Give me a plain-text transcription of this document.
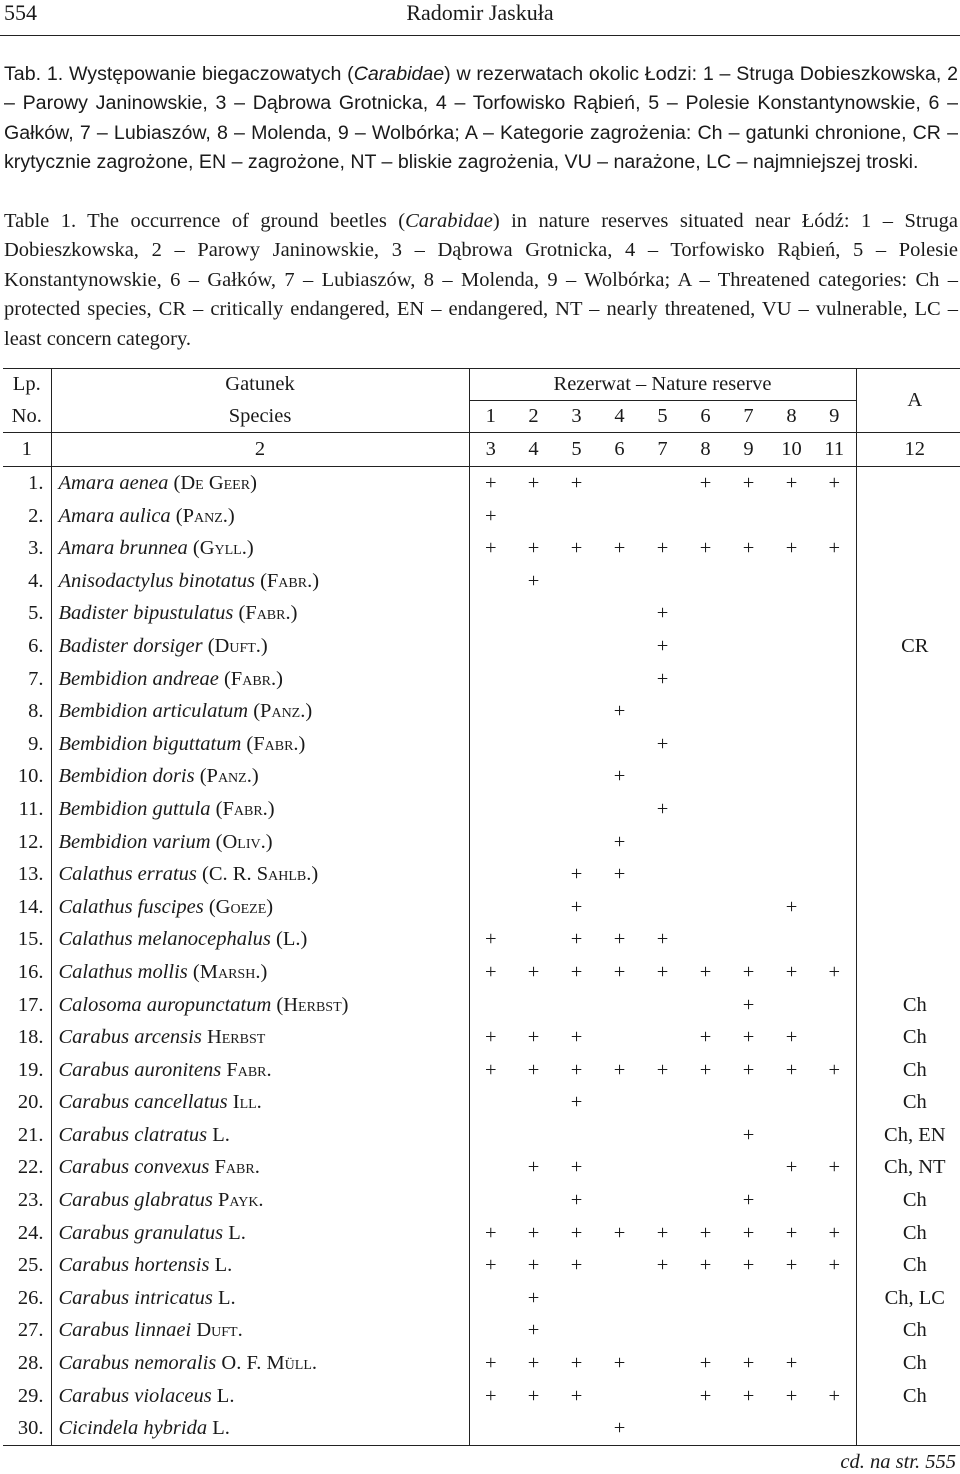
554	Radomir Jaskuła

Tab. 1. Występowanie biegaczowatych (Carabidae) w rezerwatach okolic Łodzi: 1 – Struga Dobieszkowska, 2 – Parowy Janinowskie, 3 – Dąbrowa Grotnicka, 4 – Torfowisko Rąbień, 5 – Polesie Konstantynowskie, 6 – Gałków, 7 – Lubiaszów, 8 – Molenda, 9 – Wolbórka; A – Kategorie zagrożenia: Ch – gatunki chronione, CR – krytycznie zagrożone, EN – zagrożone, NT – bliskie zagrożenia, VU – narażone, LC – najmniejszej troski.

Table 1. The occurrence of ground beetles (Carabidae) in nature reserves situated near Łódź: 1 – Struga Dobieszkowska, 2 – Parowy Janinowskie, 3 – Dąbrowa Grotnicka, 4 – Torfowisko Rąbień, 5 – Polesie Konstantynowskie, 6 – Gałków, 7 – Lubiaszów, 8 – Molenda, 9 – Wolbórka; A – Threatened categories: Ch – protected species, CR – critically endangered, EN – endangered, NT – nearly threatened, VU – vulnerable, LC – least concern category.

Lp.	Gatunek	Rezerwat – Nature reserve									A
No.	Species	1	2	3	4	5	6	7	8	9	
1	2	3	4	5	6	7	8	9	10	11	12
1.	Amara aenea (De Geer)	+	+	+			+	+	+	+	
2.	Amara aulica (Panz.)	+									
3.	Amara brunnea (Gyll.)	+	+	+	+	+	+	+	+	+	
4.	Anisodactylus binotatus (Fabr.)		+								
5.	Badister bipustulatus (Fabr.)					+					
6.	Badister dorsiger (Duft.)					+					CR
7.	Bembidion andreae (Fabr.)					+					
8.	Bembidion articulatum (Panz.)				+						
9.	Bembidion biguttatum (Fabr.)					+					
10.	Bembidion doris (Panz.)				+						
11.	Bembidion guttula (Fabr.)					+					
12.	Bembidion varium (Oliv.)				+						
13.	Calathus erratus (C. R. Sahlb.)			+	+						
14.	Calathus fuscipes (Goeze)			+					+		
15.	Calathus melanocephalus (L.)	+		+	+	+					
16.	Calathus mollis (Marsh.)	+	+	+	+	+	+	+	+	+	
17.	Calosoma auropunctatum (Herbst)							+			Ch
18.	Carabus arcensis Herbst	+	+	+			+	+	+		Ch
19.	Carabus auronitens Fabr.	+	+	+	+	+	+	+	+	+	Ch
20.	Carabus cancellatus Ill.			+							Ch
21.	Carabus clatratus L.							+			Ch, EN
22.	Carabus convexus Fabr.		+	+					+	+	Ch, NT
23.	Carabus glabratus Payk.			+				+			Ch
24.	Carabus granulatus L.	+	+	+	+	+	+	+	+	+	Ch
25.	Carabus hortensis L.	+	+	+		+	+	+	+	+	Ch
26.	Carabus intricatus L.		+								Ch, LC
27.	Carabus linnaei Duft.		+								Ch
28.	Carabus nemoralis O. F. Müll.	+	+	+	+		+	+	+		Ch
29.	Carabus violaceus L.	+	+	+			+	+	+	+	Ch
30.	Cicindela hybrida L.				+						
cd. na str. 555
